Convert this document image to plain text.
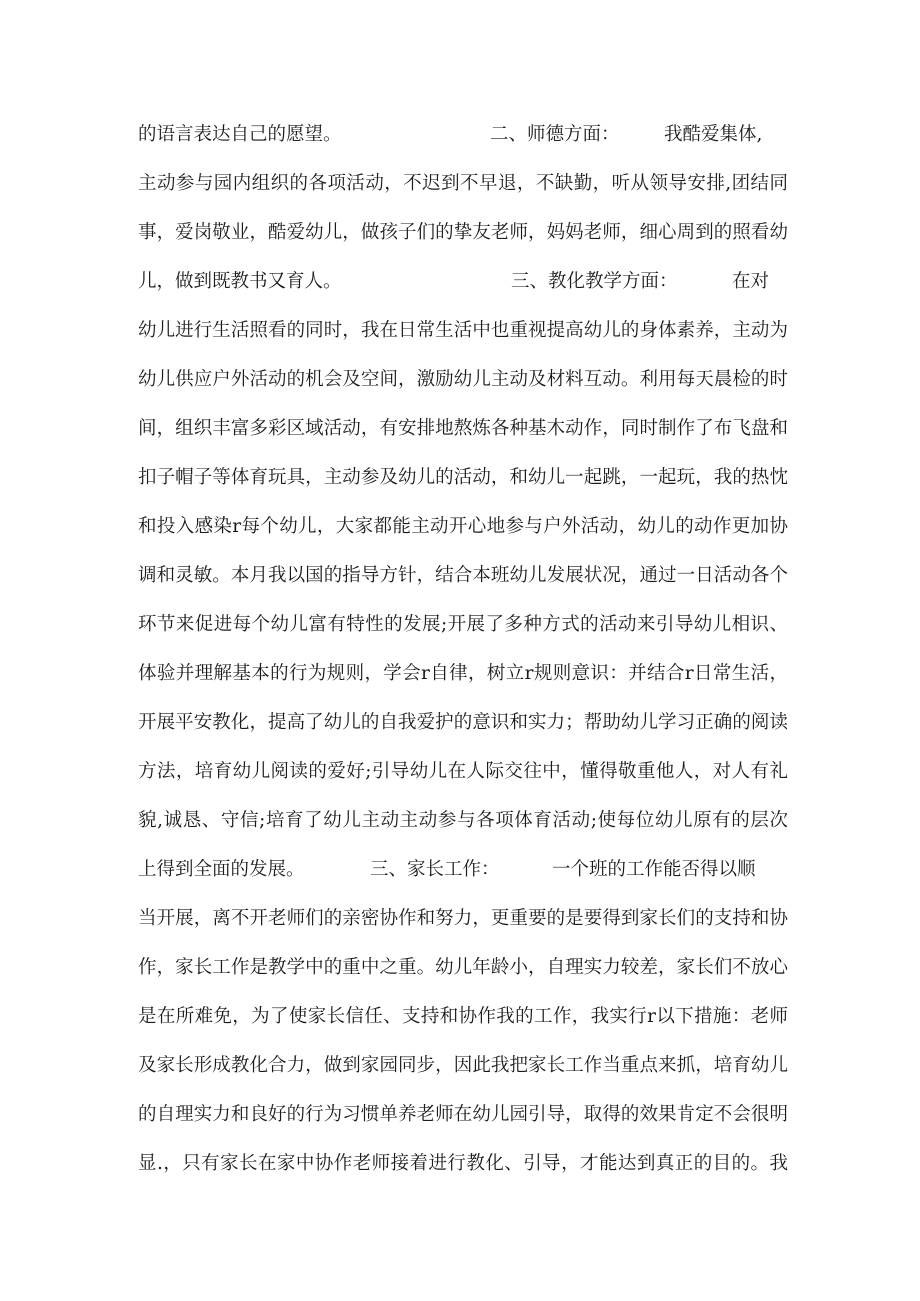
的语言表达自己的愿望。	二、师德方面： 我酷爱集体,
主动参与园内组织的各项活动，不迟到不早退，不缺勤，听从领导安排,团结同
事，爱岗敬业，酷爱幼儿，做孩子们的挚友老师，妈妈老师，细心周到的照看幼
儿，做到既教书又育人。	三、教化教学方面：	在对
幼儿进行生活照看的同时，我在日常生活中也重视提高幼儿的身体素养，主动为
幼儿供应户外活动的机会及空间，激励幼儿主动及材料互动。利用每天晨检的时
间，组织丰富多彩区域活动，有安排地熬炼各种基木动作，同时制作了布飞盘和
扣子帽子等体育玩具，主动参及幼儿的活动，和幼儿一起跳，一起玩，我的热忱
和投入感染r每个幼儿，大家都能主动开心地参与户外活动，幼儿的动作更加协
调和灵敏。本月我以国的指导方针，结合本班幼儿发展状况，通过一日活动各个
环节来促进每个幼儿富有特性的发展;开展了多种方式的活动来引导幼儿相识、
体验并理解基本的行为规则，学会r自律，树立r规则意识：并结合r日常生活，
开展平安教化，提高了幼儿的自我爱护的意识和实力；帮助幼儿学习正确的阅读
方法，培育幼儿阅读的爱好;引导幼儿在人际交往中，懂得敬重他人，对人有礼
貌,诚恳、守信;培育了幼儿主动主动参与各项体育活动;使每位幼儿原有的层次
上得到全面的发展。	三、家长工作：	一个班的工作能否得以顺
当开展，离不开老师们的亲密协作和努力，更重要的是要得到家长们的支持和协
作，家长工作是教学中的重中之重。幼儿年龄小，自理实力较差，家长们不放心
是在所难免，为了使家长信任、支持和协作我的工作，我实行r以下措施：老师
及家长形成教化合力，做到家园同步，因此我把家长工作当重点来抓，培育幼儿
的自理实力和良好的行为习惯单养老师在幼儿园引导，取得的效果肯定不会很明
显.，只有家长在家中协作老师接着进行教化、引导，才能达到真正的目的。我
